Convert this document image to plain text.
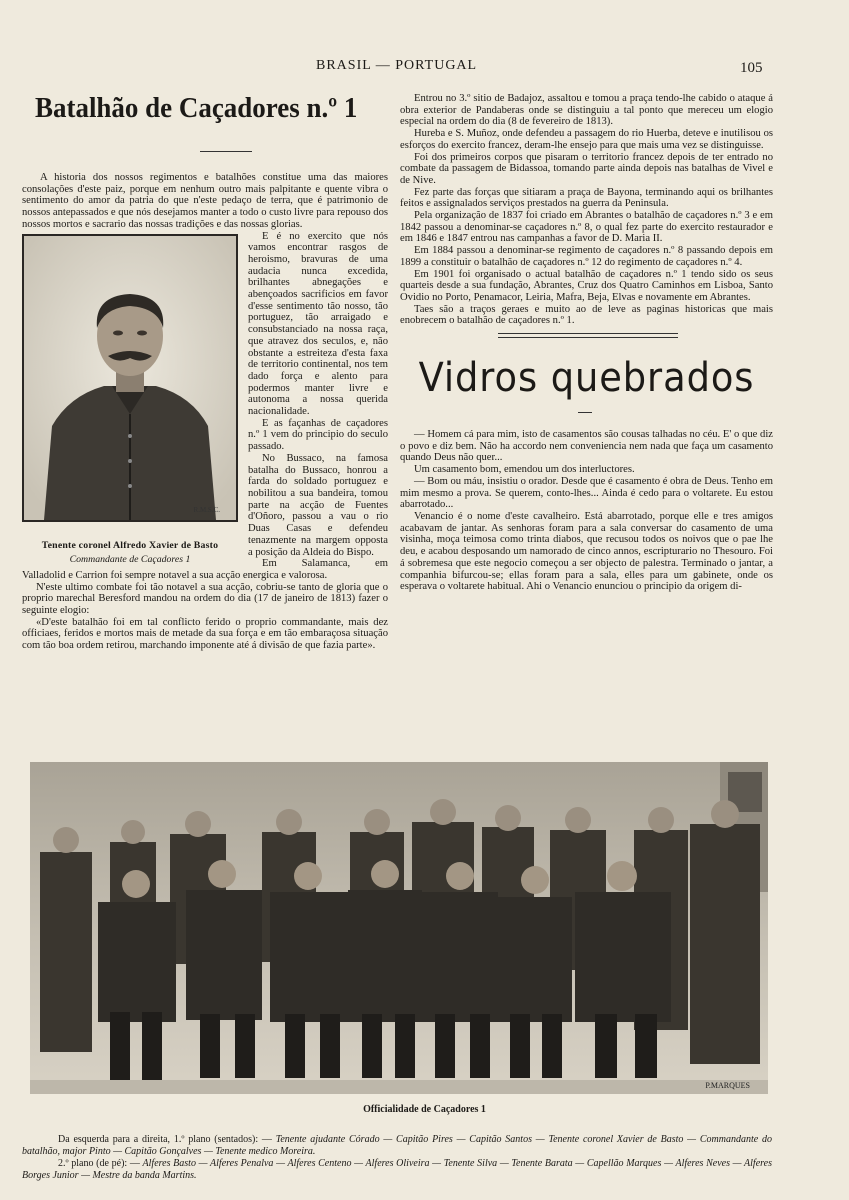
BRASIL — PORTUGAL	105
Batalhão de Caçadores n.º 1

A historia dos nossos regimentos e batalhões constitue uma das maiores consolações d'este paiz, porque em nenhum outro mais palpitante e quente vibra o sentimento do amor da patria do que n'este pedaço de terra, que é patrimonio de nossos antepassados e que nós desejamos manter a todo o custo livre para repouso dos nossos mortos e sacrario das nossas tradições e das nossas glorias.

R.M.S.C.
Tenente coronel Alfredo Xavier de Basto
Commandante de Caçadores 1

E é no exercito que nós vamos encontrar rasgos de heroismo, bravuras de uma audacia nunca excedida, brilhantes abnegações e abençoados sacrificios em favor d'esse sentimento tão nosso, tão portuguez, tão arraigado e consubstanciado na nossa raça, que atravez dos seculos, e, não obstante a estreiteza d'esta faxa de territorio continental, nos tem dado força e alento para podermos manter livre e autonoma a nossa querida nacionalidade.

E as façanhas de caçadores n.º 1 vem do principio do seculo passado.

No Bussaco, na famosa batalha do Bussaco, honrou a farda do soldado portuguez e nobilitou a sua bandeira, tomou parte na acção de Fuentes d'Oñoro, passou a vau o rio Duas Casas e defendeu tenazmente na margem opposta a posição da Aldeia do Bispo.

Em Salamanca, em Valladolid e Carrion foi sempre notavel a sua acção energica e valorosa.

N'este ultimo combate foi tão notavel a sua acção, cobriu-se tanto de gloria que o proprio marechal Beresford mandou na ordem do dia (17 de janeiro de 1813) fazer o seguinte elogio:

«D'este batalhão foi em tal conflicto ferido o proprio commandante, mais dez officiaes, feridos e mortos mais de metade da sua força e em tão embaraçosa situação com tão boa ordem retirou, marchando imponente até á divisão de que fazia parte».

Entrou no 3.º sitio de Badajoz, assaltou e tomou a praça tendo-lhe cabido o ataque á obra exterior de Pandaberas onde se distinguiu a tal ponto que mereceu um elogio especial na ordem do dia (8 de fevereiro de 1813).

Hureba e S. Muñoz, onde defendeu a passagem do rio Huerba, deteve e inutilisou os esforços do exercito francez, deram-lhe ensejo para que mais uma vez se distinguisse.

Foi dos primeiros corpos que pisaram o territorio francez depois de ter entrado no combate da passagem de Bidassoa, tomando parte ainda depois nas batalhas de Vivel e de Nive.

Fez parte das forças que sitiaram a praça de Bayona, terminando aqui os brilhantes feitos e assignalados serviços prestados na guerra da Peninsula.

Pela organização de 1837 foi criado em Abrantes o batalhão de caçadores n.º 3 e em 1842 passou a denominar-se caçadores n.º 8, o qual fez parte do exercito restaurador e em 1846 e 1847 entrou nas campanhas a favor de D. Maria II.

Em 1884 passou a denominar-se regimento de caçadores n.º 8 passando depois em 1899 a constituir o batalhão de caçadores n.º 12 do regimento de caçadores n.º 4.

Em 1901 foi organisado o actual batalhão de caçadores n.º 1 tendo sido os seus quarteis desde a sua fundação, Abrantes, Cruz dos Quatro Caminhos em Lisboa, Santo Ovidio no Porto, Penamacor, Leiria, Mafra, Beja, Elvas e novamente em Abrantes.

Taes são a traços geraes e muito ao de leve as paginas historicas que mais enobrecem o batalhão de caçadores n.º 1.

Vidros quebrados

— Homem cá para mim, isto de casamentos são cousas talhadas no céu. E' o que diz o povo e diz bem. Não ha accordo nem conveniencia nem nada que faça um casamento quando Deus não quer...

Um casamento bom, emendou um dos interluctores.

— Bom ou máu, insistiu o orador. Desde que é casamento é obra de Deus. Tenho em mim mesmo a prova. Se querem, conto-lhes... Ainda é cedo para o voltarete. Eu estou abarrotado...

Venancio é o nome d'este cavalheiro. Está abarrotado, porque elle e tres amigos acabavam de jantar. As senhoras foram para a sala conversar do casamento de uma visinha, moça teimosa como trinta diabos, que recusou todos os noivos que o pae lhe deu, e acabou desposando um namorado de cinco annos, escripturario no Thesouro. Foi á sobremesa que este negocio começou a ser objecto de palestra. Terminado o jantar, a companhia bifurcou-se; ellas foram para a sala, elles para um gabinete, onde os esperava o voltarete habitual. Ahi o Venancio enunciou o principio da origem di-

P.MARQUES
Officialidade de Caçadores 1

Da esquerda para a direita, 1.º plano (sentados): — Tenente ajudante Córado — Capitão Pires — Capitão Santos — Tenente coronel Xavier de Basto — Commandante do batalhão, major Pinto — Capitão Gonçalves — Tenente medico Moreira.

2.º plano (de pé): — Alferes Basto — Alferes Penalva — Alferes Centeno — Alferes Oliveira — Tenente Silva — Tenente Barata — Capellão Marques — Alferes Neves — Alferes Borges Junior — Mestre da banda Martins.
